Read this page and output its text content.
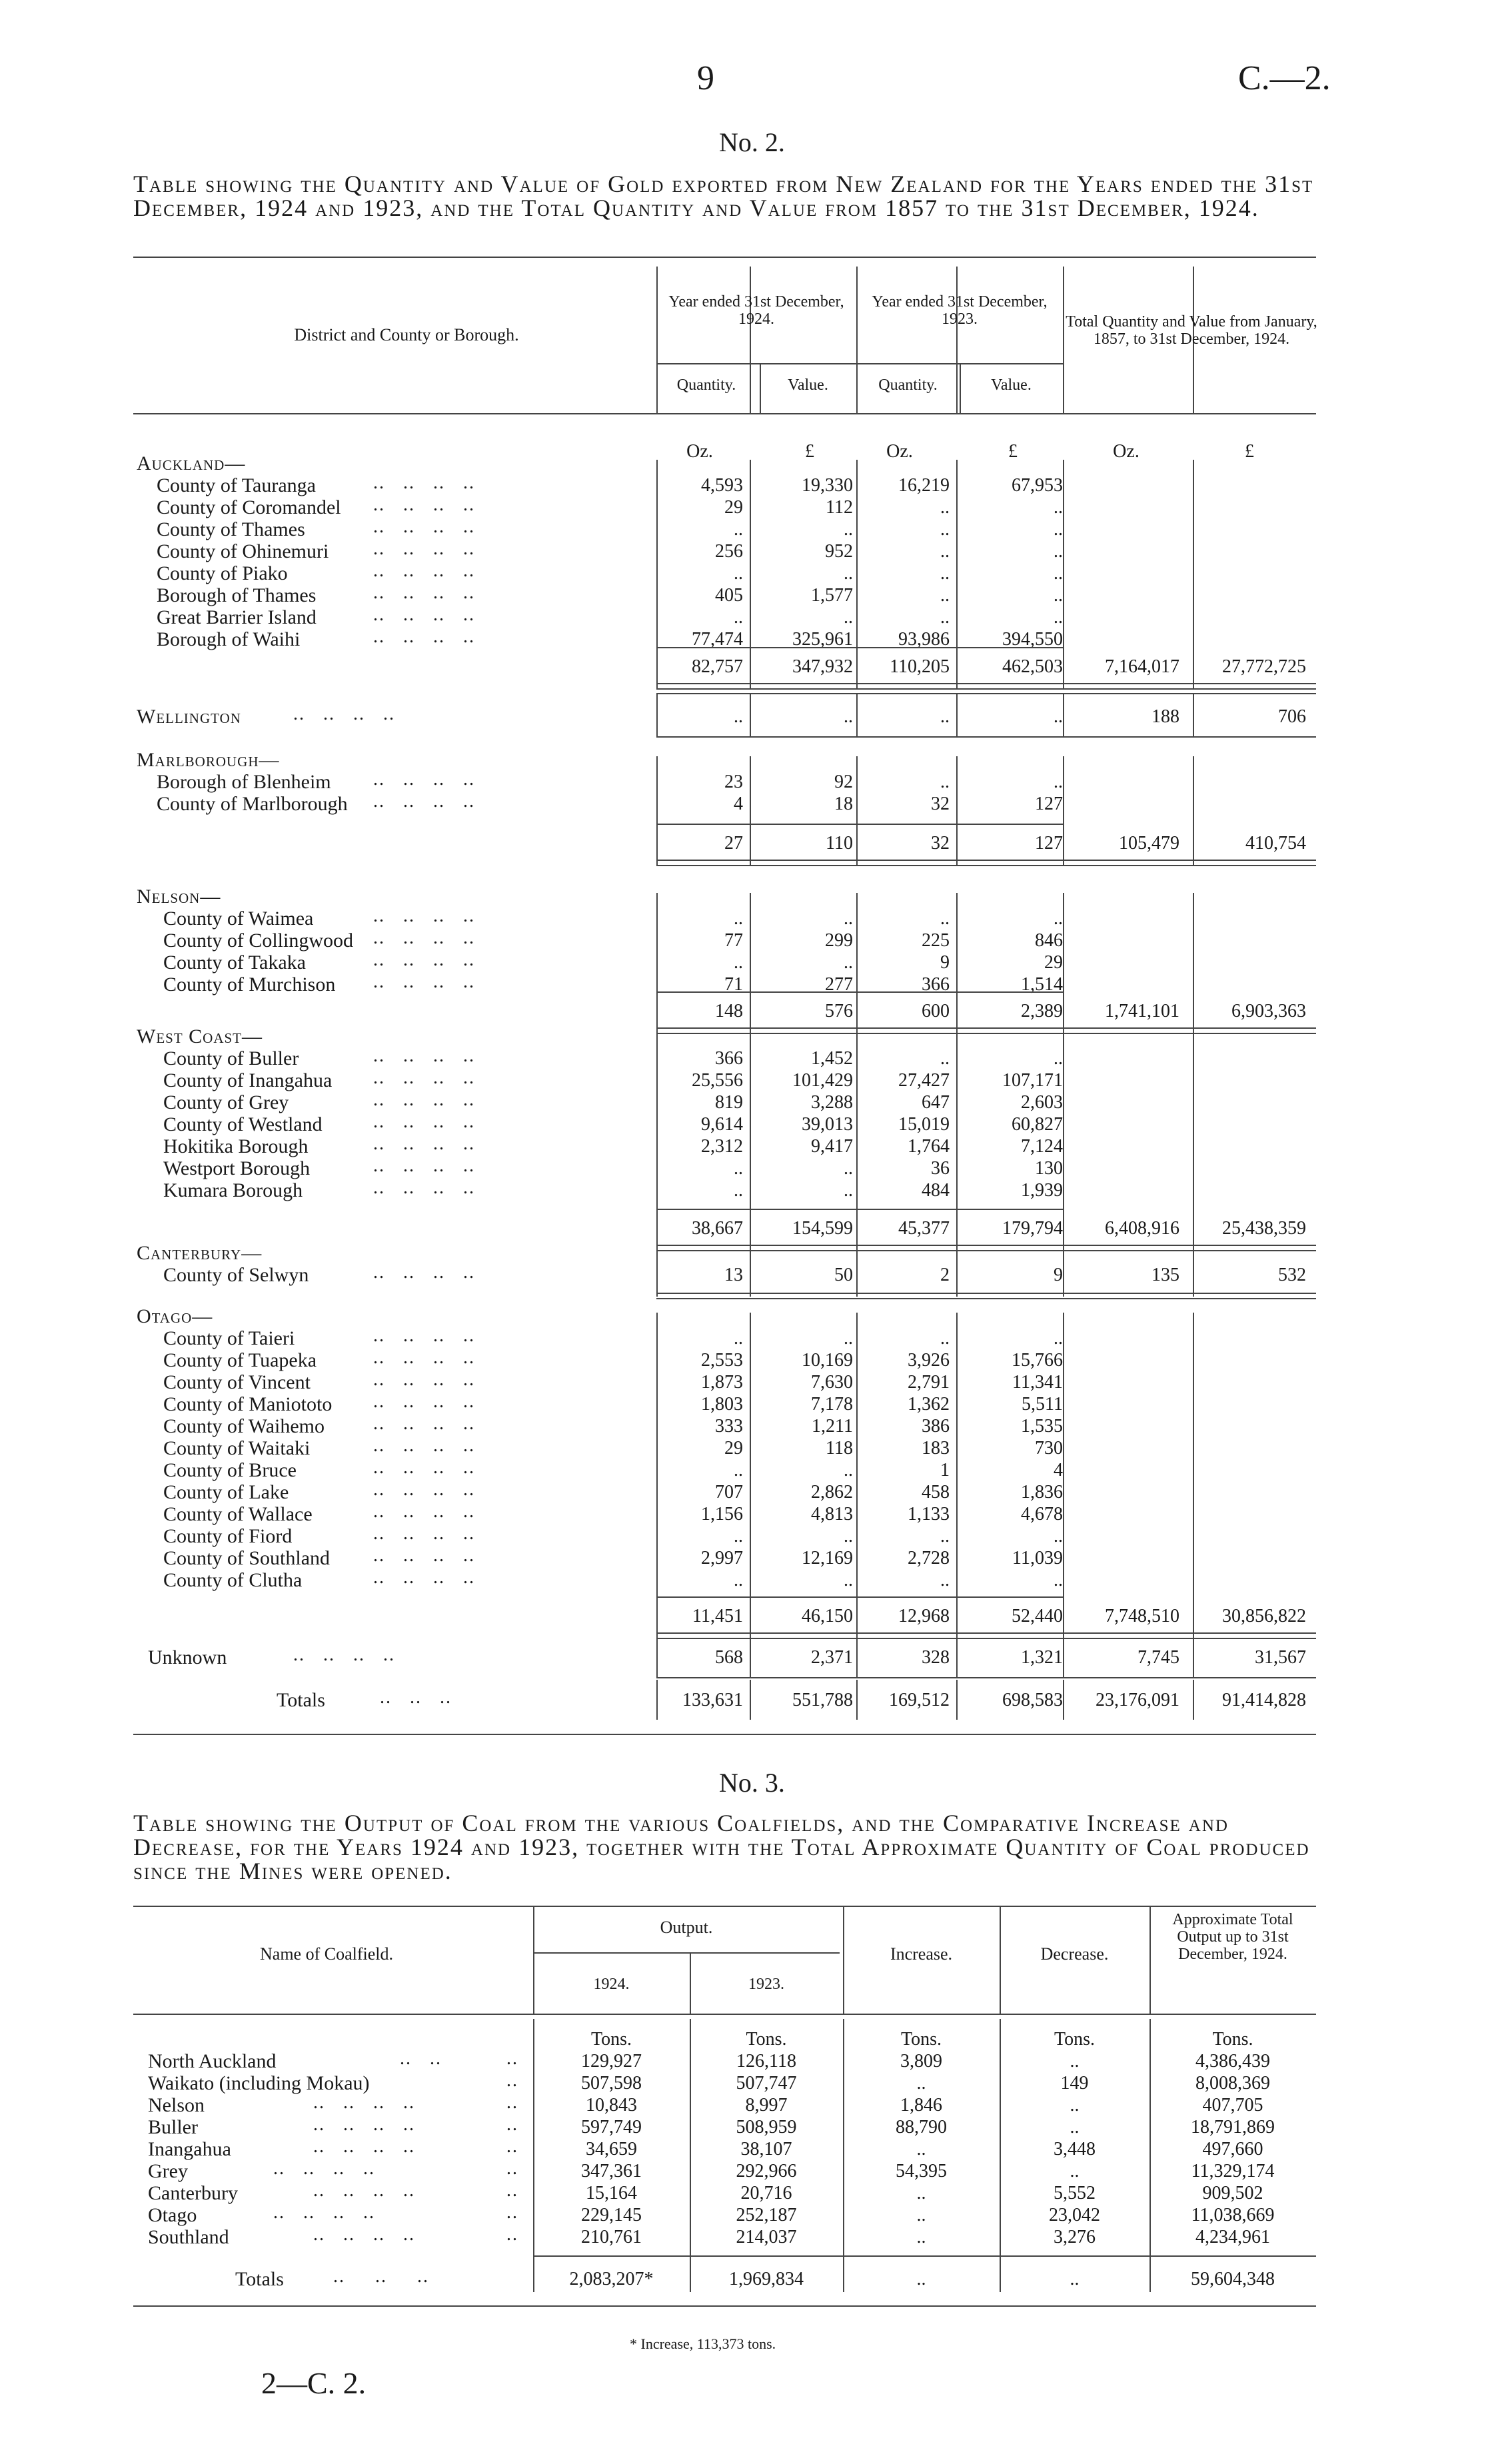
9	C.—2.
No. 2.
Table showing the Quantity and Value of Gold exported from New Zealand for the Years ended the 31st December, 1924 and 1923, and the Total Quantity and Value from 1857 to the 31st December, 1924.
District and County or Borough.
Year ended 31st December, 1924.
Year ended 31st December, 1923.	Total Quantity and Value from January, 1857, to 31st December, 1924.
Quantity.	Value.	Quantity.	Value.
Oz.	£	Oz.	£	Oz.	£
Auckland—
County of Tauranga	..   ..   ..   ..	4,593	19,330	16,219	67,953
County of Coromandel ..   ..   ..   ..	29	112	..	..
County of Thames	..   ..   ..   ..	..	..	..	..
County of Ohinemuri ..   ..   ..   ..	256	952	..	..
County of Piako	..   ..   ..   ..	..	..	..	..
Borough of Thames	..   ..   ..   ..	405	1,577	..	..
Great Barrier Island	..   ..   ..   ..	..	..	..	..
Borough of Waihi	..   ..   ..   ..	77,474	325,961	93,986	394,550
82,757	347,932	110,205	462,503	7,164,017	27,772,725
Wellington	..   ..   ..   ..	..	..	..	..	188	706
Marlborough—
Borough of Blenheim ..   ..   ..   ..	23	92	..	..
County of Marlborough ..   ..   ..   ..	4	18	32	127
27	110	32	127	105,479	410,754
Nelson—
County of Waimea	..   ..   ..   ..	..	..	..	..
County of Collingwood ..   ..   ..   ..	77	299	225	846
County of Takaka	..   ..   ..   ..	..	..	9	29
County of Murchison ..   ..   ..   ..	71	277	366	1,514
148	576	600	2,389	1,741,101	6,903,363
West Coast—
County of Buller	..   ..   ..   ..	366	1,452	..	..
County of Inangahua ..   ..   ..   ..	25,556	101,429	27,427	107,171
County of Grey	..   ..   ..   ..	819	3,288	647	2,603
County of Westland	..   ..   ..   ..	9,614	39,013	15,019	60,827
Hokitika Borough	..   ..   ..   ..	2,312	9,417	1,764	7,124
Westport Borough	..   ..   ..   ..	..	..	36	130
Kumara Borough	..   ..   ..   ..	..	..	484	1,939
38,667	154,599	45,377	179,794	6,408,916	25,438,359
Canterbury—
County of Selwyn	..   ..   ..   ..	13	50	2	9	135	532
Otago—
County of Taieri	..   ..   ..   ..	..	..	..	..
County of Tuapeka	..   ..   ..   ..	2,553	10,169	3,926	15,766
County of Vincent	..   ..   ..   ..	1,873	7,630	2,791	11,341
County of Maniototo ..   ..   ..   ..	1,803	7,178	1,362	5,511
County of Waihemo	..   ..   ..   ..	333	1,211	386	1,535
County of Waitaki	..   ..   ..   ..	29	118	183	730
County of Bruce	..   ..   ..   ..	..	..	1	4
County of Lake	..   ..   ..   ..	707	2,862	458	1,836
County of Wallace	..   ..   ..   ..	1,156	4,813	1,133	4,678
County of Fiord	..   ..   ..   ..	..	..	..	..
County of Southland ..   ..   ..   ..	2,997	12,169	2,728	11,039
County of Clutha	..   ..   ..   ..	..	..	..	..
11,451	46,150	12,968	52,440	7,748,510	30,856,822
Unknown	..   ..   ..   ..	568	2,371	328	1,321	7,745	31,567
Totals	..   ..   ..	133,631	551,788	169,512	698,583	23,176,091	91,414,828
No. 3.
Table showing the Output of Coal from the various Coalfields, and the Comparative Increase and Decrease, for the Years 1924 and 1923, together with the Total Approximate Quantity of Coal produced since the Mines were opened.
Name of Coalfield.
Output.
1924.	1923.
Increase.	Decrease.
Approximate Total Output up to 31st December, 1924.
Tons.	Tons.	Tons.	Tons.	Tons.
North Auckland	..   ..	..	129,927	126,118	3,809	..	4,386,439
Waikato (including Mokau)	..	507,598	507,747	..	149	8,008,369
Nelson	..   ..   ..   ..	..	10,843	8,997	1,846	..	407,705
Buller	..   ..   ..   ..	..	597,749	508,959	88,790	..	18,791,869
Inangahua	..   ..   ..   ..	..	34,659	38,107	..	3,448	497,660
Grey	..   ..   ..   ..	..	347,361	292,966	54,395	..	11,329,174
Canterbury	..   ..   ..   ..	..	15,164	20,716	..	5,552	909,502
Otago	..   ..   ..   ..	..	229,145	252,187	..	23,042	11,038,669
Southland	..   ..   ..   ..	..	210,761	214,037	..	3,276	4,234,961
Totals	..     ..     ..	2,083,207*	1,969,834	..	..	59,604,348
* Increase, 113,373 tons.
2—C. 2.
